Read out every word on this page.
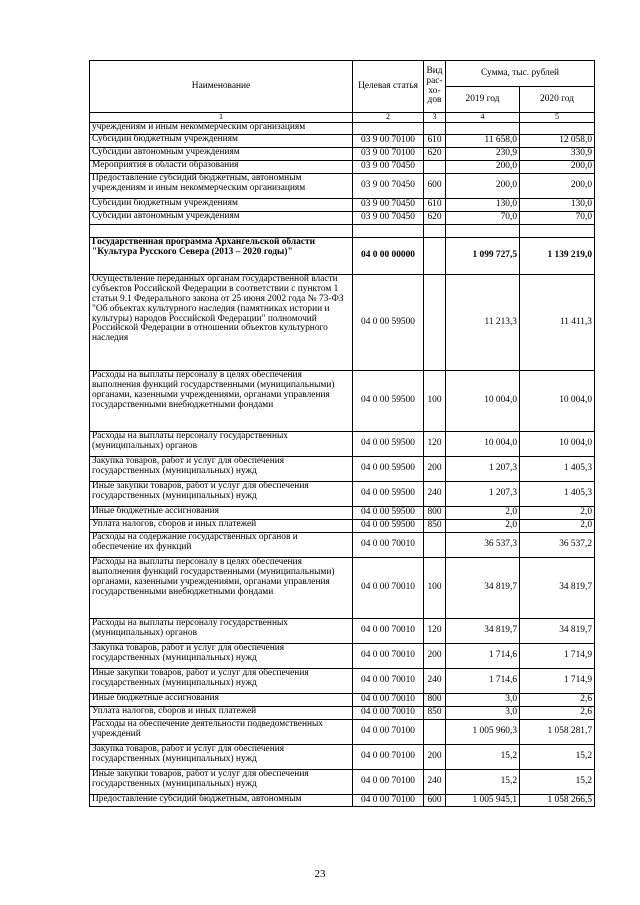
Наименование	Целевая статья	Вид рас- хо- дов	Сумма, тыс. рублей	
			2019 год	2020 год
1	2	3	4	5
учреждениям и иным некоммерческим организациям				
Субсидии бюджетным учреждениям	03 9 00 70100	610	11 658,0	12 058,0
Субсидии автономным учреждениям	03 9 00 70100	620	230,9	330,9
Мероприятия в области образования	03 9 00 70450		200,0	200,0
Предоставление субсидий бюджетным, автономным учреждениям и иным некоммерческим организациям	03 9 00 70450	600	200,0	200,0
Субсидии бюджетным учреждениям	03 9 00 70450	610	130,0	130,0
Субсидии автономным учреждениям	03 9 00 70450	620	70,0	70,0

Государственная программа Архангельской области "Культура Русского Севера (2013 – 2020 годы)"	04 0 00 00000		1 099 727,5	1 139 219,0
Осуществление переданных органам государственной власти субъектов Российской Федерации в соответствии с пунктом 1 статьи 9.1 Федерального закона от 25 июня 2002 года № 73-ФЗ "Об объектах культурного наследия (памятниках истории и культуры) народов Российской Федерации" полномочий Российской Федерации в отношении объектов культурного наследия	04 0 00 59500		11 213,3	11 411,3
Расходы на выплаты персоналу в целях обеспечения выполнения функций государственными (муниципальными) органами, казенными учреждениями, органами управления государственными внебюджетными фондами	04 0 00 59500	100	10 004,0	10 004,0
Расходы на выплаты персоналу государственных (муниципальных) органов	04 0 00 59500	120	10 004,0	10 004,0
Закупка товаров, работ и услуг для обеспечения государственных (муниципальных) нужд	04 0 00 59500	200	1 207,3	1 405,3
Иные закупки товаров, работ и услуг для обеспечения государственных (муниципальных) нужд	04 0 00 59500	240	1 207,3	1 405,3
Иные бюджетные ассигнования	04 0 00 59500	800	2,0	2,0
Уплата налогов, сборов и иных платежей	04 0 00 59500	850	2,0	2,0
Расходы на содержание государственных органов и обеспечение их функций	04 0 00 70010		36 537,3	36 537,2
Расходы на выплаты персоналу в целях обеспечения выполнения функций государственными (муниципальными) органами, казенными учреждениями, органами управления государственными внебюджетными фондами	04 0 00 70010	100	34 819,7	34 819,7
Расходы на выплаты персоналу государственных (муниципальных) органов	04 0 00 70010	120	34 819,7	34 819,7
Закупка товаров, работ и услуг для обеспечения государственных (муниципальных) нужд	04 0 00 70010	200	1 714,6	1 714,9
Иные закупки товаров, работ и услуг для обеспечения государственных (муниципальных) нужд	04 0 00 70010	240	1 714,6	1 714,9
Иные бюджетные ассигнования	04 0 00 70010	800	3,0	2,6
Уплата налогов, сборов и иных платежей	04 0 00 70010	850	3,0	2,6
Расходы на обеспечение деятельности подведомственных учреждений	04 0 00 70100		1 005 960,3	1 058 281,7
Закупка товаров, работ и услуг для обеспечения государственных (муниципальных) нужд	04 0 00 70100	200	15,2	15,2
Иные закупки товаров, работ и услуг для обеспечения государственных (муниципальных) нужд	04 0 00 70100	240	15,2	15,2
Предоставление субсидий бюджетным, автономным	04 0 00 70100	600	1 005 945,1	1 058 266,5
23
